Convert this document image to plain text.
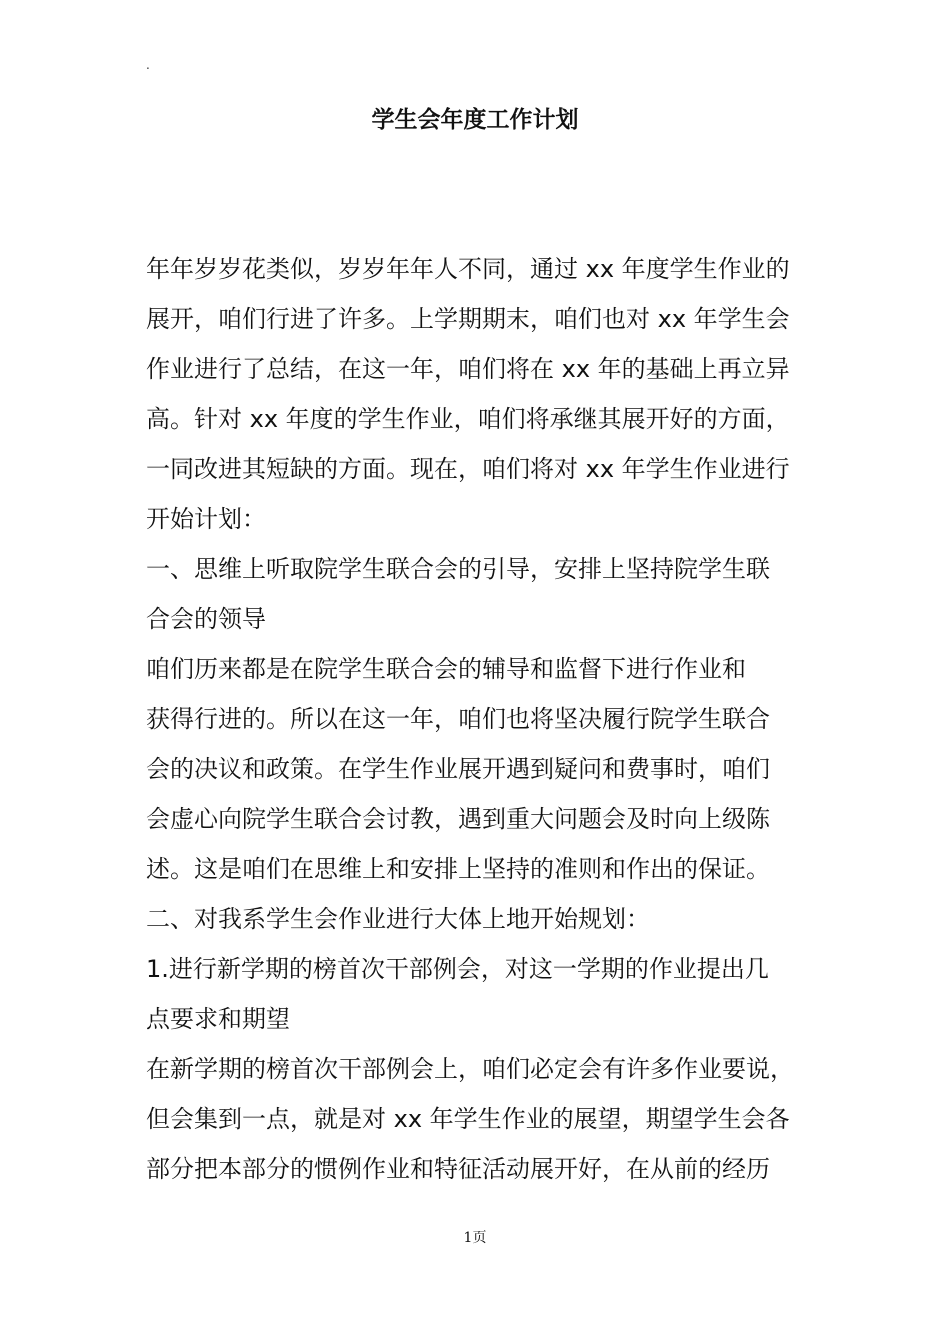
.
学生会年度工作计划
年年岁岁花类似，岁岁年年人不同，通过 xx 年度学生作业的
展开，咱们行进了许多。上学期期末，咱们也对 xx 年学生会
作业进行了总结，在这一年，咱们将在 xx 年的基础上再立异
高。针对 xx 年度的学生作业，咱们将承继其展开好的方面，
一同改进其短缺的方面。现在，咱们将对 xx 年学生作业进行
开始计划：
一、思维上听取院学生联合会的引导，安排上坚持院学生联
合会的领导
咱们历来都是在院学生联合会的辅导和监督下进行作业和
获得行进的。所以在这一年，咱们也将坚决履行院学生联合
会的决议和政策。在学生作业展开遇到疑问和费事时，咱们
会虚心向院学生联合会讨教，遇到重大问题会及时向上级陈
述。这是咱们在思维上和安排上坚持的准则和作出的保证。
二、对我系学生会作业进行大体上地开始规划：
1.进行新学期的榜首次干部例会，对这一学期的作业提出几
点要求和期望
在新学期的榜首次干部例会上，咱们必定会有许多作业要说，
但会集到一点，就是对 xx 年学生作业的展望，期望学生会各
部分把本部分的惯例作业和特征活动展开好，在从前的经历
1页
